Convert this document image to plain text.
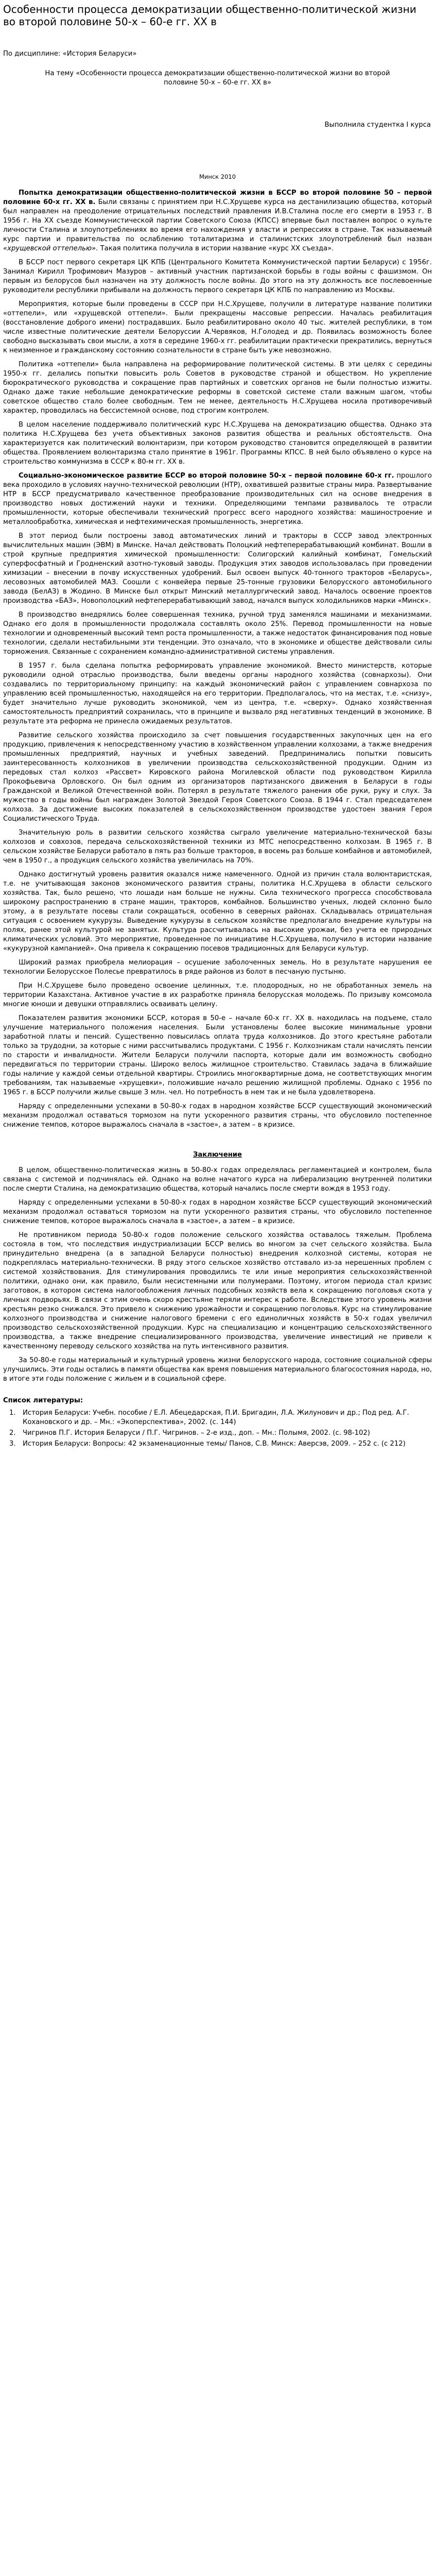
Особенности процесса демократизации общественно-политической жизни во второй половине 50-х – 60-е гг. ХХ в

По дисциплине: «История Беларуси»

На тему «Особенности процесса демократизации общественно-политической жизни во второй половине 50-х – 60-е гг. ХХ в»

Выполнила студентка I курса

Минск 2010

Попытка демократизации общественно-политической жизни в БССР во второй половине 50 – первой половине 60-х гг. XX в. Были связаны с принятием при Н.С.Хрущеве курса на дестанилизацию общества, который был направлен на преодоление отрицательных последствий правления И.В.Сталина после его смерти в 1953 г. В 1956 г. На ХХ съезде Коммунистической партии Советского Союза (КПСС) впервые был поставлен вопрос о культе личности Сталина и злоупотреблениях во время его нахождения у власти и репрессиях в стране. Так называемый курс партии и правительства по ослаблению тоталитаризма и сталинистских злоупотреблений был назван «хрущевской оттепелью». Такая политика получила в истории название «курс ХХ съезда».

В БССР пост первого секретаря ЦК КПБ (Центрального Комитета Коммунистической партии Беларуси) с 1956г. Занимал Кирилл Трофимович Мазуров – активный участник партизанской борьбы в годы войны с фашизмом. Он первым из белорусов был назначен на эту должность после войны. До этого на эту должность все послевоенные руководители республики прибывали на должность первого секретаря ЦК КПБ по направлению из Москвы.

Мероприятия, которые были проведены в СССР при Н.С.Хрущеве, получили в литературе название политики «оттепели», или «хрущевской оттепели». Были прекращены массовые репрессии. Началась реабилитация (восстановление доброго имени) пострадавших. Было реабилитировано около 40 тыс. жителей республики, в том числе известные политические деятели Белоруссии А.Червяков, Н.Голодед и др. Появилась возможность более свободно высказывать свои мысли, а хотя в середине 1960-х гг. реабилитации практически прекратились, вернуться к неизменное и гражданскому состоянию сознательности в стране быть уже невозможно.

Политика «оттепели» была направлена на реформирование политической системы. В эти целях с середины 1950-х гг. делались попытки повысить роль Советов в руководстве страной и обществом. Но укрепление бюрократического руководства и сокращение прав партийных и советских органов не были полностью изжиты. Однако даже такие небольшие демократические реформы в советской системе стали важным шагом, чтобы советское общество стало более свободным. Тем не менее, деятельность Н.С.Хрущева носила противоречивый характер, проводилась на бессистемной основе, под строгим контролем.

В целом население поддерживало политический курс Н.С.Хрущева на демократизацию общества. Однако эта политика Н.С.Хрущева без учета объективных законов развития общества и реальных обстоятельств. Она характеризуется как политический волюнтаризм, при котором руководство становится определяющей в развитии общества. Проявлением волюнтаризма стало принятие в 1961г. Программы КПСС. В ней было объявлено о курсе на строительство коммунизма в СССР к 80-м гг. XX в.

Социально-экономическое развитие БССР во второй половине 50-х – первой половине 60-х гг. прошлого века проходило в условиях научно-технической революции (НТР), охватившей развитые страны мира. Развертывание НТР в БССР предусматривало качественное преобразование производительных сил на основе внедрения в производство новых достижений науки и техники. Определяющими темпами развивалось те отрасли промышленности, которые обеспечивали технический прогресс всего народного хозяйства: машиностроение и металлообработка, химическая и нефтехимическая промышленность, энергетика.

В этот период были построены завод автоматических линий и тракторы в СССР завод электронных вычислительных машин (ЭВМ) в Минске. Начал действовать Полоцкий нефтеперерабатывающий комбинат. Вошли в строй крупные предприятия химической промышленности: Солигорский калийный комбинат, Гомельский суперфосфатный и Гродненский азотно-туковый заводы. Продукция этих заводов использовалась при проведении химизации – внесении в почву искусственных удобрений. Был освоен выпуск 40-тонного тракторов «Беларусь», лесовозных автомобилей МАЗ. Соошли с конвейера первые 25-тонные грузовики Белорусского автомобильного завода (БелАЗ) в Жодино. В Минске был открыт Минский металлургический завод. Началось освоение проектов производства «БАЗ», Новополоцкий нефтеперерабатывающий завод, начался выпуск холодильников марки «Минск».

В производство внедрялись более совершенная техника, ручной труд заменялся машинами и механизмами. Однако его доля в промышленности продолжала составлять около 25%. Перевод промышленности на новые технологии и одновременный высокий темп роста промышленности, а также недостаток финансирования под новые технологии, сделали нестабильными эти тенденции. Это означало, что в экономике и обществе действовали силы торможения. Связанные с сохранением командно-административной системы управления.

В 1957 г. была сделана попытка реформировать управление экономикой. Вместо министерств, которые руководили одной отраслью производства, были введены органы народного хозяйства (совнархозы). Они создавались по территориальному принципу: на каждый экономический район с управлением совнархоза по управлению всей промышленностью, находящейся на его территории. Предполагалось, что на местах, т.е. «снизу», будет значительно лучше руководить экономикой, чем из центра, т.е. «сверху». Однако хозяйственная самостоятельность предприятий сохранилась, что в принципе и вызвало ряд негативных тенденций в экономике. В результате эта реформа не принесла ожидаемых результатов.

Развитие сельского хозяйства происходило за счет повышения государственных закупочных цен на его продукцию, привлечения к непосредственному участию в хозяйственном управлении колхозами, а также внедрения промышленных предприятий, научных и учебных заведений. Предпринимались попытки повысить заинтересованность колхозников в увеличении производства сельскохозяйственной продукции. Одним из передовых стал колхоз «Рассвет» Кировского района Могилевской области под руководством Кирилла Прокофьевича Орловского. Он был одним из организаторов партизанского движения в Беларуси в годы Гражданской и Великой Отечественной войн. Потерял в результате тяжелого ранения обе руки, руку и слух. За мужество в годы войны был награжден Золотой Звездой Героя Советского Союза. В 1944 г. Стал председателем колхоза. За достижение высоких показателей в сельскохозяйственном производстве удостоен звания Героя Социалистического Труда.

Значительную роль в развитии сельского хозяйства сыграло увеличение материально-технической базы колхозов и совхозов, передача сельскохозяйственной техники из МТС непосредственно колхозам. В 1965 г. В сельском хозяйстве Беларуси работало в пять раз больше тракторов, в восемь раз больше комбайнов и автомобилей, чем в 1950 г., а продукция сельского хозяйства увеличилась на 70%.

Однако достигнутый уровень развития оказался ниже намеченного. Одной из причин стала волюнтаристская, т.е. не учитывающая законов экономического развития страны, политика Н.С.Хрущева в области сельского хозяйства. Так, было решено, что лошади нам больше не нужны. Сила технического прогресса способствовала широкому распространению в стране машин, тракторов, комбайнов. Большинство ученых, людей склонно было этому, а в результате посевы стали сокращаться, особенно в северных районах. Складывалась отрицательная ситуация с освоением кукурузы. Выведение кукурузы в сельском хозяйстве предполагало внедрение культуры на полях, ранее этой культурой не занятых. Культура рассчитывалась на высокие урожаи, без учета ее природных климатических условий. Это мероприятие, проведенное по инициативе Н.С.Хрущева, получило в истории название «кукурузной кампанией». Она привела к сокращению посевов традиционных для Беларуси культур.

Широкий размах приобрела мелиорация – осушение заболоченных земель. Но в результате нарушения ее технологии Белорусское Полесье превратилось в ряде районов из болот в песчаную пустыню.

При Н.С.Хрущеве было проведено освоение целинных, т.е. плодородных, но не обработанных земель на территории Казахстана. Активное участие в их разработке приняла белорусская молодежь. По призыву комсомола многие юноши и девушки отправлялись осваивать целину.

Показателем развития экономики БССР, которая в 50-е – начале 60-х гг. XX в. находилась на подъеме, стало улучшение материального положения населения. Были установлены более высокие минимальные уровни заработной платы и пенсий. Существенно повысилась оплата труда колхозников. До этого крестьяне работали только за трудодни, за которые с ними рассчитывались продуктами. С 1956 г. Колхозникам стали начислять пенсии по старости и инвалидности. Жители Беларуси получили паспорта, которые дали им возможность свободно передвигаться по территории страны. Широко велось жилищное строительство. Ставилась задача в ближайшие годы наличие у каждой семьи отдельной квартиры. Строились многоквартирные дома, не соответствующих многим требованиям, так называемые «хрущевки», положившие начало решению жилищной проблемы. Однако с 1956 по 1965 г. в БССР получили жилье свыше 3 млн. чел. Но потребность в нем так и не была удовлетворена.

Наряду с определенными успехами в 50-80-х годах в народном хозяйстве БССР существующий экономический механизм продолжал оставаться тормозом на пути ускоренного развития страны, что обусловило постепенное снижение темпов, которое выражалось сначала в «застое», а затем – в кризисе.

Заключение

В целом, общественно-политическая жизнь в 50-80-х годах определялась регламентацией и контролем, была связана с системой и подчинялась ей. Однако на волне начатого курса на либерализацию внутренней политики после смерти Сталина, на демократизацию общества, который начались после смерти вождя в 1953 году.

Наряду с определенными успехами в 50-80-х годах в народном хозяйстве БССР существующий экономический механизм продолжал оставаться тормозом на пути ускоренного развития страны, что обусловило постепенное снижение темпов, которое выражалось сначала в «застое», а затем – в кризисе.

Не противником периода 50-80-х годов положение сельского хозяйства оставалось тяжелым. Проблема состояла в том, что последствия индустриализации БССР велись во многом за счет сельского хозяйства. Была принудительно внедрена (а в западной Беларуси полностью) внедрения колхозной системы, которая не подкреплялась материально-технически. В ряду этого сельское хозяйство отставало из-за нерешенных проблем с системой хозяйствования. Для стимулирования проводились те или иные мероприятия сельскохозяйственной политики, однако они, как правило, были несистемными или полумерами. Поэтому, итогом периода стал кризис заготовок, в котором система налогообложения личных подсобных хозяйств вела к сокращению поголовья скота у личных подворьях. В связи с этим очень скоро крестьяне теряли интерес к работе. Вследствие этого уровень жизни крестьян резко снижался. Это привело к снижению урожайности и сокращению поголовья. Курс на стимулирование колхозного производства и снижение налогового бремени с его единоличных хозяйств в 50-х годах увеличил производство сельскохозяйственной продукции. Курс на специализацию и концентрацию сельскохозяйственного производства, а также внедрение специализированного производства, увеличение инвестиций не привели к качественному переводу сельского хозяйства на путь интенсивного развития.

За 50-80-е годы материальный и культурный уровень жизни белорусского народа, состояние социальной сферы улучшились. Эти годы остались в памяти общества как время повышения материального благосостояния народа, но, в итоге эти годы положение с жильем и в социальной сфере.

Список литературы:
1. История Беларуси: Учебн. пособие / Е.Л. Абецедарская, П.И. Бригадин, Л.А. Жилунович и др.; Под ред. А.Г. Кохановского и др. – Мн.: «Экоперспектива», 2002. (с. 144)
2. Чигринов П.Г. История Беларуси / П.Г. Чигринов. – 2-е изд., доп. – Мн.: Полымя, 2002. (с. 98-102)
3. История Беларуси: Вопросы: 42 экзаменационные темы/ Панов, С.В. Минск: Аверсэв, 2009. – 252 с. (с 212)
